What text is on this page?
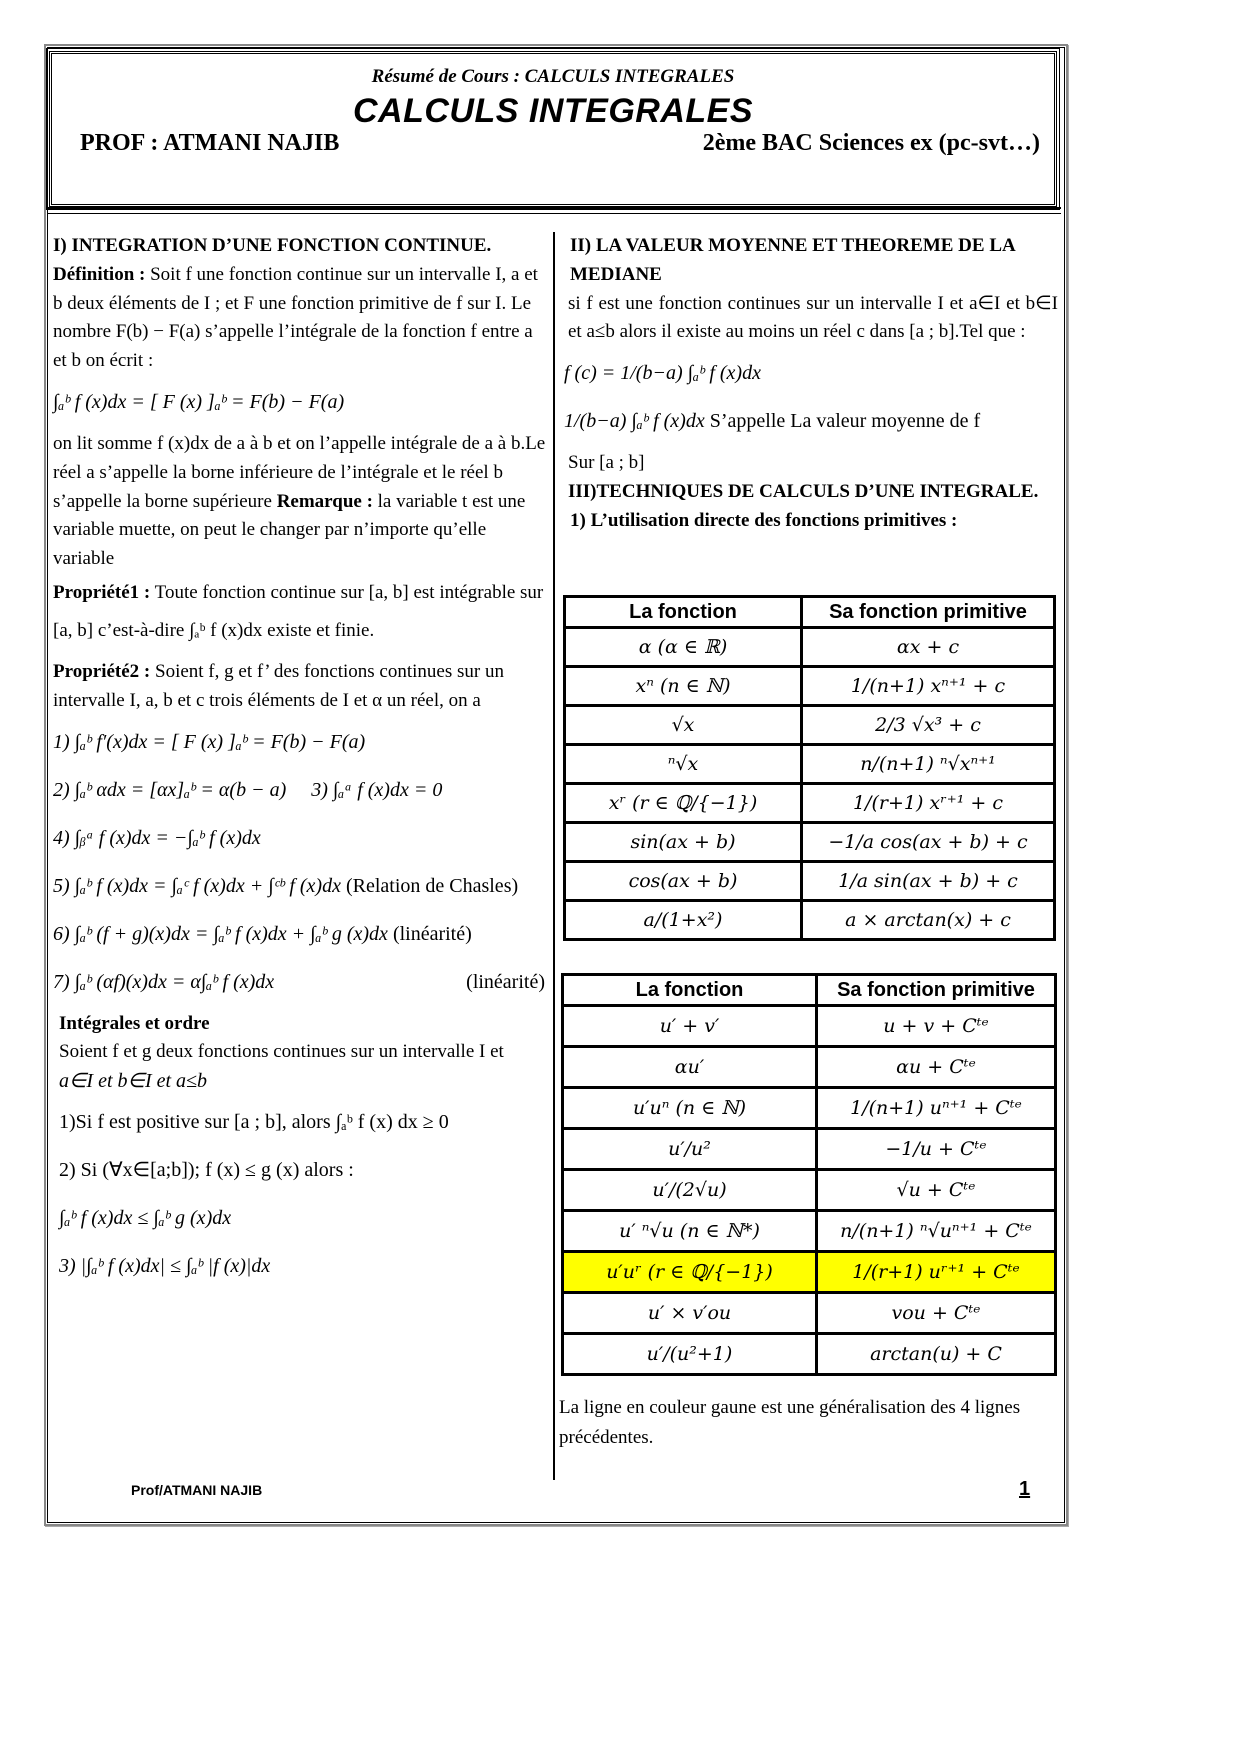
Résumé de Cours : CALCULS INTEGRALES
CALCULS INTEGRALES
PROF : ATMANI NAJIB	2ème BAC Sciences ex (pc-svt…)
I) INTEGRATION D’UNE FONCTION CONTINUE.
Définition : Soit f une fonction continue sur un intervalle I, a et b deux éléments de I ; et F une fonction primitive de f sur I. Le nombre F(b) − F(a) s’appelle l’intégrale de la fonction f entre a et b on écrit :
∫ₐᵇ f (x)dx = [ F (x) ]ₐᵇ = F(b) − F(a)
on lit somme f (x)dx de a à b et on l’appelle intégrale de a à b.Le réel a s’appelle la borne inférieure de l’intégrale et le réel b s’appelle la borne supérieure Remarque : la variable t est une variable muette, on peut le changer par n’importe qu’elle variable
Propriété1 : Toute fonction continue sur [a, b] est intégrable sur [a, b] c’est-à-dire ∫ₐᵇ f (x)dx existe et finie.
Propriété2 : Soient f, g et f’ des fonctions continues sur un intervalle I, a, b et c trois éléments de I et α un réel, on a
1) ∫ₐᵇ f′(x)dx = [ F (x) ]ₐᵇ = F(b) − F(a)
2) ∫ₐᵇ αdx = [αx]ₐᵇ = α(b − a) 3) ∫ₐᵃ f (x)dx = 0
4) ∫ᵦᵃ f (x)dx = −∫ₐᵇ f (x)dx
5) ∫ₐᵇ f (x)dx = ∫ₐᶜ f (x)dx + ∫ᶜᵇ f (x)dx (Relation de Chasles)
6) ∫ₐᵇ (f + g)(x)dx = ∫ₐᵇ f (x)dx + ∫ₐᵇ g (x)dx (linéarité)
7) ∫ₐᵇ (αf)(x)dx = α∫ₐᵇ f (x)dx	(linéarité)
Intégrales et ordre
Soient f et g deux fonctions continues sur un intervalle I et
a∈I et b∈I et a≤b
1)Si f est positive sur [a ; b], alors ∫ₐᵇ f (x) dx ≥ 0
2) Si (∀x∈[a;b]); f (x) ≤ g (x) alors :
∫ₐᵇ f (x)dx ≤ ∫ₐᵇ g (x)dx
3) |∫ₐᵇ f (x)dx| ≤ ∫ₐᵇ |f (x)|dx
II) LA VALEUR MOYENNE ET THEOREME DE LA MEDIANE
si f est une fonction continues sur un intervalle I et a∈I et b∈I et a≤b alors il existe au moins un réel c dans [a ; b].Tel que :
f (c) = 1/(b−a) ∫ₐᵇ f (x)dx
1/(b−a) ∫ₐᵇ f (x)dx S’appelle La valeur moyenne de f
Sur [a ; b]
III)TECHNIQUES DE CALCULS D’UNE INTEGRALE.
1) L’utilisation directe des fonctions primitives :
La fonction	Sa fonction primitive
α (α ∈ ℝ)	αx + c
xⁿ (n ∈ ℕ)	1/(n+1) xⁿ⁺¹ + c
√x	2/3 √x³ + c
ⁿ√x	n/(n+1) ⁿ√xⁿ⁺¹
xʳ (r ∈ ℚ/{−1})	1/(r+1) xʳ⁺¹ + c
sin(ax + b)	−1/a cos(ax + b) + c
cos(ax + b)	1/a sin(ax + b) + c
a/(1+x²)	a × arctan(x) + c
La fonction	Sa fonction primitive
u′ + v′	u + v + Cᵗᵉ
αu′	αu + Cᵗᵉ
u′uⁿ (n ∈ ℕ)	1/(n+1) uⁿ⁺¹ + Cᵗᵉ
u′/u²	−1/u + Cᵗᵉ
u′/(2√u)	√u + Cᵗᵉ
u′ ⁿ√u (n ∈ ℕ*)	n/(n+1) ⁿ√uⁿ⁺¹ + Cᵗᵉ
u′uʳ (r ∈ ℚ/{−1})	1/(r+1) uʳ⁺¹ + Cᵗᵉ
u′ × v′ou	vou + Cᵗᵉ
u′/(u²+1)	arctan(u) + C
La ligne en couleur gaune est une généralisation des 4 lignes précédentes.
Prof/ATMANI NAJIB	1
